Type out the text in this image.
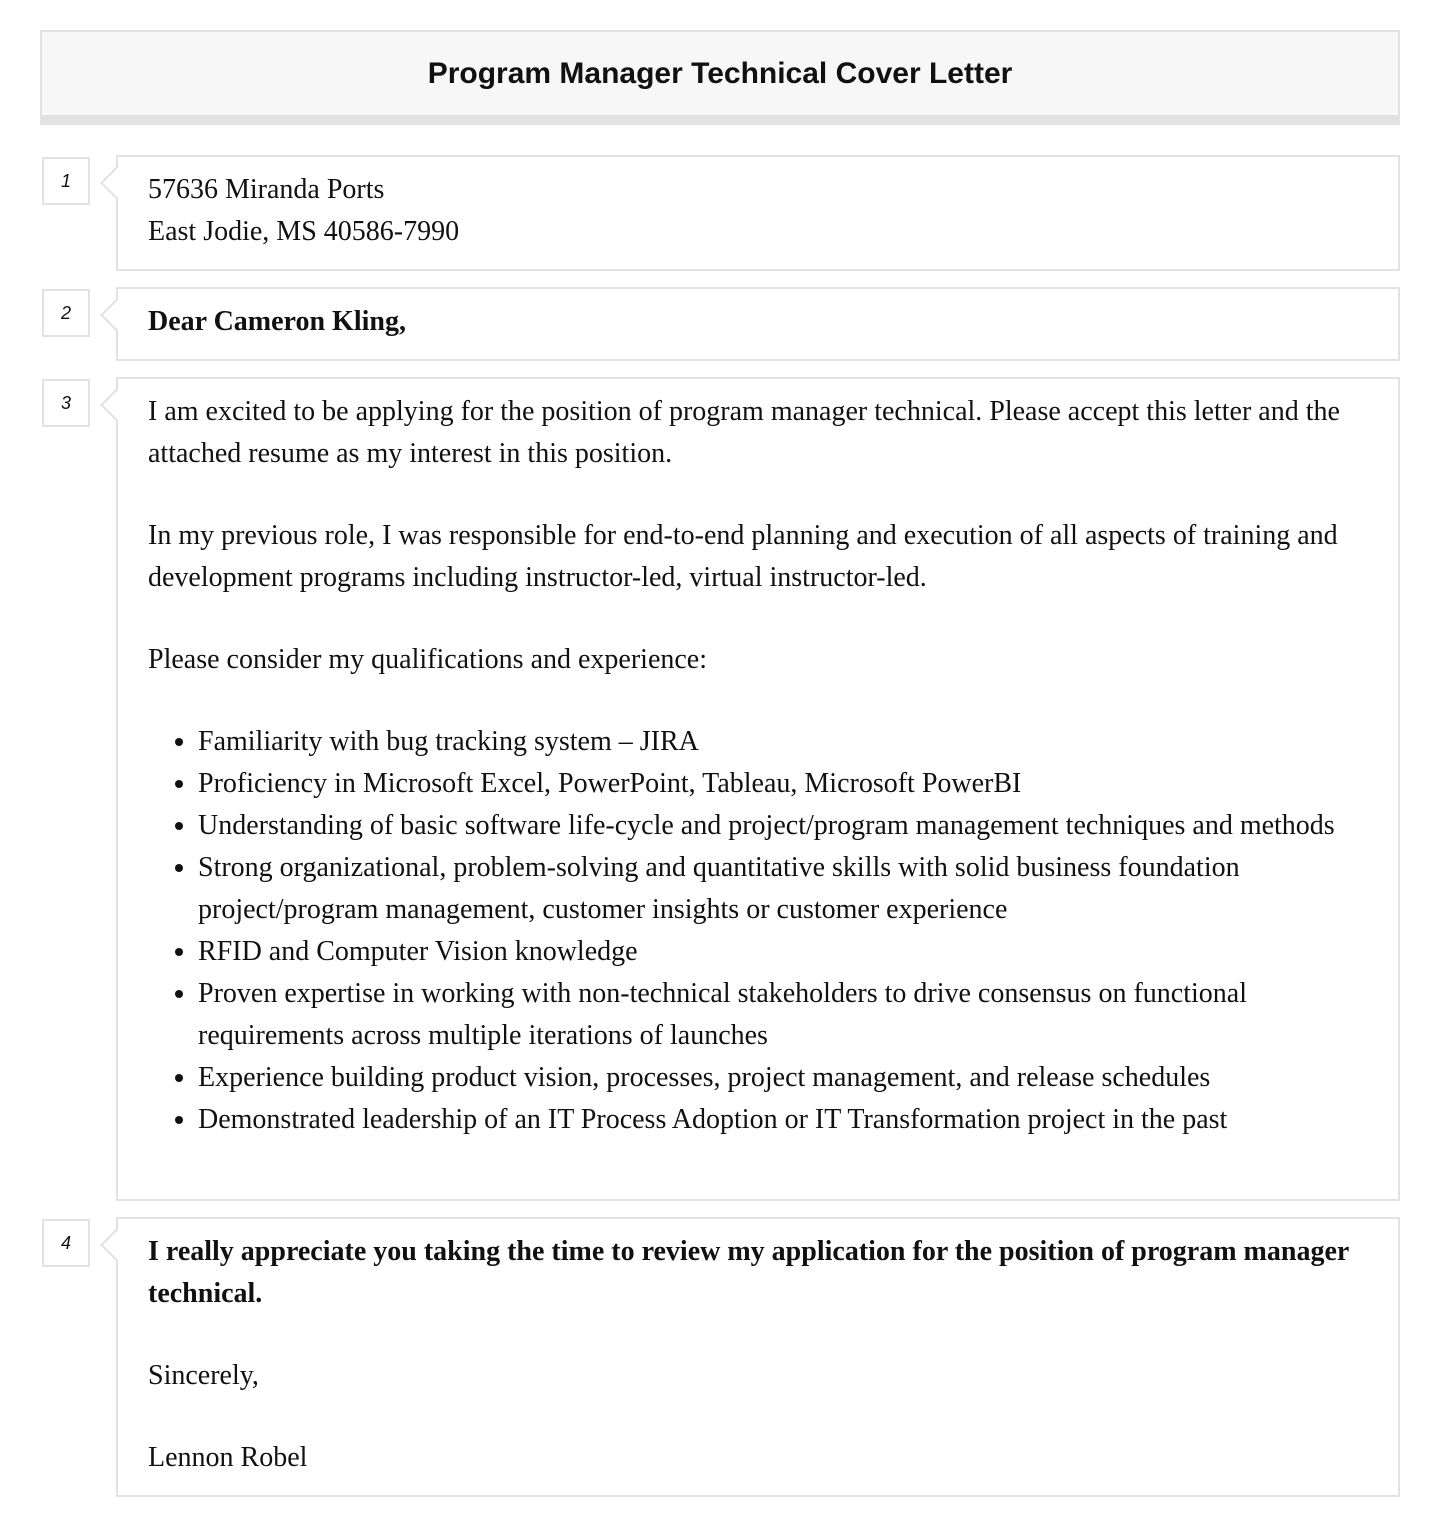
Program Manager Technical Cover Letter
1	57636 Miranda Ports
East Jodie, MS 40586-7990
2	Dear Cameron Kling,
3	I am excited to be applying for the position of program manager technical. Please accept this letter and the attached resume as my interest in this position.

In my previous role, I was responsible for end-to-end planning and execution of all aspects of training and development programs including instructor-led, virtual instructor-led.

Please consider my qualifications and experience:

• Familiarity with bug tracking system – JIRA
• Proficiency in Microsoft Excel, PowerPoint, Tableau, Microsoft PowerBI
• Understanding of basic software life-cycle and project/program management techniques and methods
• Strong organizational, problem-solving and quantitative skills with solid business foundation project/program management, customer insights or customer experience
• RFID and Computer Vision knowledge
• Proven expertise in working with non-technical stakeholders to drive consensus on functional requirements across multiple iterations of launches
• Experience building product vision, processes, project management, and release schedules
• Demonstrated leadership of an IT Process Adoption or IT Transformation project in the past
4	I really appreciate you taking the time to review my application for the position of program manager technical.

Sincerely,

Lennon Robel
